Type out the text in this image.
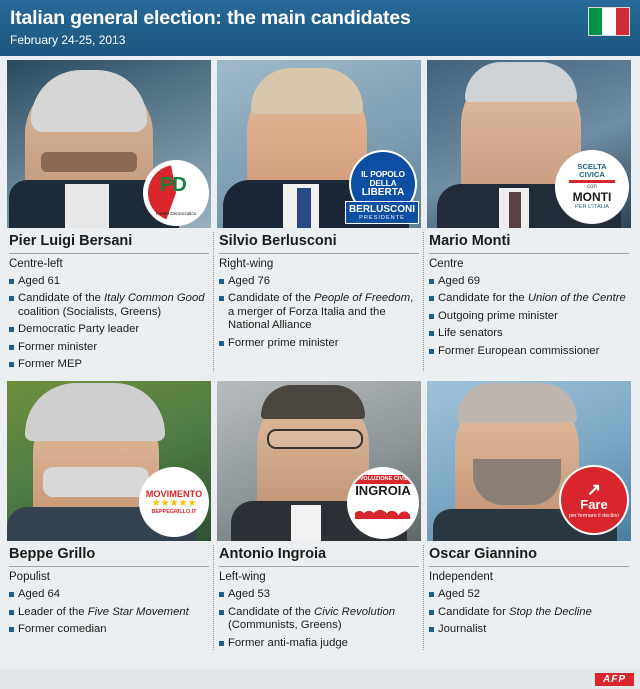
Italian general election: the main candidates
February 24-25, 2013
PD
Partito Democratico
Pier Luigi Bersani
Centre-left
Aged 61
Candidate of the Italy Common Good coalition (Socialists, Greens)
Democratic Party leader
Former minister
Former MEP
IL POPOLO
DELLA
LIBERTA
BERLUSCONI
PRESIDENTE
Silvio Berlusconi
Right-wing
Aged 76
Candidate of the People of Freedom, a merger of Forza Italia and the National Alliance
Former prime minister
SCELTA
CIVICA
con
MONTI
PER L'ITALIA
Mario Monti
Centre
Aged 69
Candidate for the Union of the Centre
Outgoing prime minister
Life senators
Former European commissioner
MOVIMENTO
★★★★★
BEPPEGRILLO.IT
Beppe Grillo
Populist
Aged 64
Leader of the Five Star Movement
Former comedian
RIVOLUZIONE CIVILE
INGROIA
Antonio Ingroia
Left-wing
Aged 53
Candidate of the Civic Revolution (Communists, Greens)
Former anti-mafia judge
↗
Fare
per fermare il declino
Oscar Giannino
Independent
Aged 52
Candidate for Stop the Decline
Journalist
AFP
